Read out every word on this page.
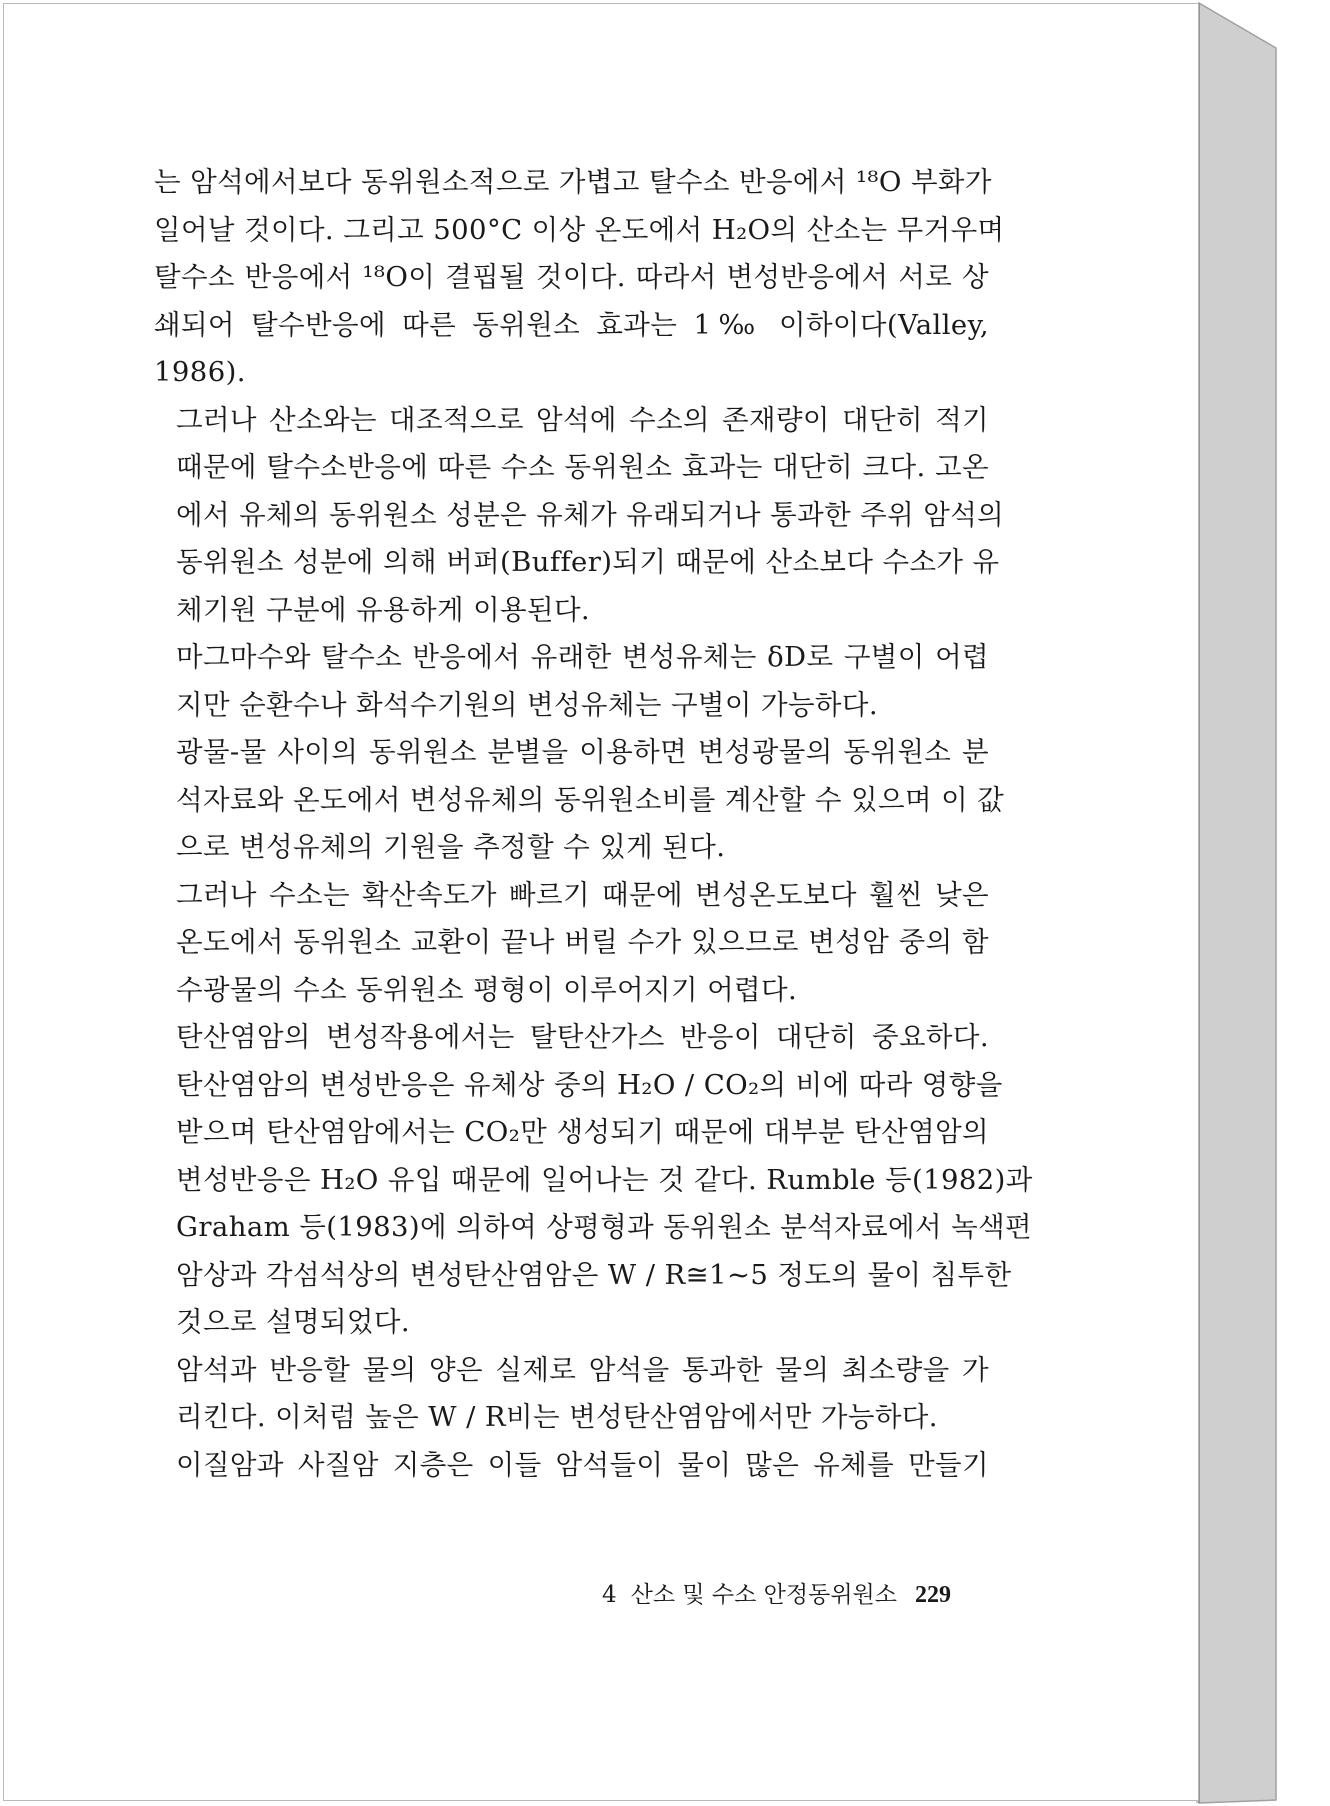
는 암석에서보다 동위원소적으로 가볍고 탈수소 반응에서 ¹⁸O 부화가
일어날 것이다. 그리고 500°C 이상 온도에서 H₂O의 산소는 무거우며
탈수소 반응에서 ¹⁸O이 결핍될 것이다. 따라서 변성반응에서 서로 상
쇄되어 탈수반응에 따른 동위원소 효과는 1‰ 이하이다(Valley,
1986).
그러나 산소와는 대조적으로 암석에 수소의 존재량이 대단히 적기
때문에 탈수소반응에 따른 수소 동위원소 효과는 대단히 크다. 고온
에서 유체의 동위원소 성분은 유체가 유래되거나 통과한 주위 암석의
동위원소 성분에 의해 버퍼(Buffer)되기 때문에 산소보다 수소가 유
체기원 구분에 유용하게 이용된다.
마그마수와 탈수소 반응에서 유래한 변성유체는 δD로 구별이 어렵
지만 순환수나 화석수기원의 변성유체는 구별이 가능하다.
광물-물 사이의 동위원소 분별을 이용하면 변성광물의 동위원소 분
석자료와 온도에서 변성유체의 동위원소비를 계산할 수 있으며 이 값
으로 변성유체의 기원을 추정할 수 있게 된다.
그러나 수소는 확산속도가 빠르기 때문에 변성온도보다 훨씬 낮은
온도에서 동위원소 교환이 끝나 버릴 수가 있으므로 변성암 중의 함
수광물의 수소 동위원소 평형이 이루어지기 어렵다.
탄산염암의 변성작용에서는 탈탄산가스 반응이 대단히 중요하다.
탄산염암의 변성반응은 유체상 중의 H₂O / CO₂의 비에 따라 영향을
받으며 탄산염암에서는 CO₂만 생성되기 때문에 대부분 탄산염암의
변성반응은 H₂O 유입 때문에 일어나는 것 같다. Rumble 등(1982)과
Graham 등(1983)에 의하여 상평형과 동위원소 분석자료에서 녹색편
암상과 각섬석상의 변성탄산염암은 W / R≅1~5 정도의 물이 침투한
것으로 설명되었다.
암석과 반응할 물의 양은 실제로 암석을 통과한 물의 최소량을 가
리킨다. 이처럼 높은 W / R비는 변성탄산염암에서만 가능하다.
이질암과 사질암 지층은 이들 암석들이 물이 많은 유체를 만들기
4 산소 및 수소 안정동위원소 229
